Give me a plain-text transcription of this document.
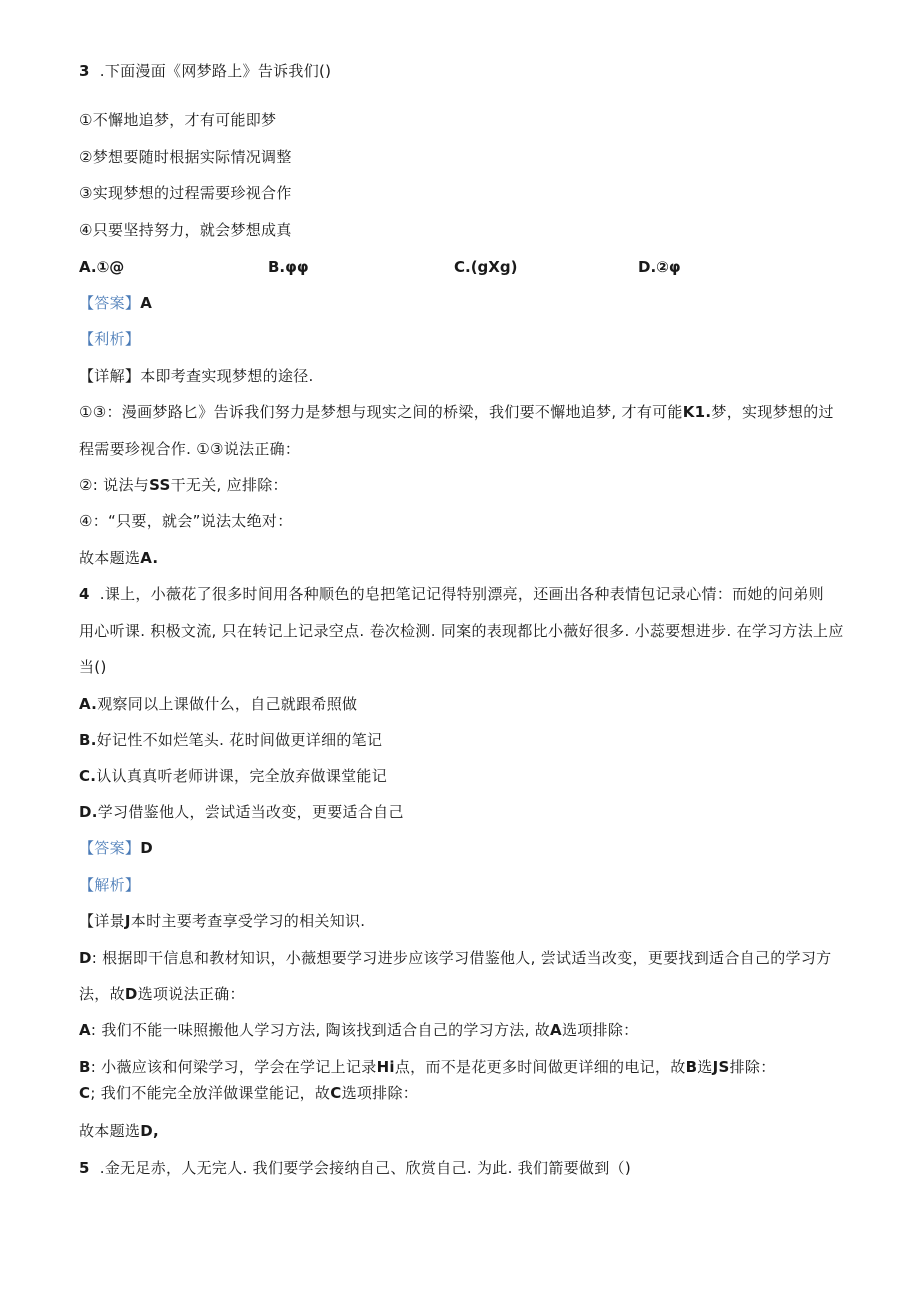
3 .下面漫面《网梦路上》告诉我们()
①不懈地追梦，才有可能即梦
②梦想要随时根据实际情况调整
③实现梦想的过程需要珍视合作
④只要坚持努力，就会梦想成真
A.①@	B.φφ	C.(gXg)	D.②φ
【答案】A
【利析】
【详解】本即考查实现梦想的途径.
①③：漫画梦路匕》告诉我们努力是梦想与现实之间的桥梁，我们要不懈地追梦, 才有可能K1.梦，实现梦想的过
程需要珍视合作. ①③说法正确：
②: 说法与SS干无关, 应排除：
④：“只要，就会”说法太绝对：
故本题选A.
4 .课上，小薇花了很多时间用各种顺色的皂把笔记记得特别漂亮，还画出各种表情包记录心情：而她的问弟则
用心听课. 积极文流, 只在转记上记录空点. 卷次检测. 同案的表现都比小薇好很多. 小蕊要想进步. 在学习方法上应
当()
A.观察同以上课做什么，自己就跟希照做
B.好记性不如烂笔头. 花时间做更详细的笔记
C.认认真真听老师讲课，完全放弃做课堂能记
D.学习借鉴他人，尝试适当改变，更要适合自己
【答案】D
【解析】
【详景J本时主要考查享受学习的相关知识.
D: 根据即干信息和教材知识，小薇想要学习进步应该学习借鉴他人, 尝试适当改变，更要找到适合自己的学习方
法，故D选项说法正确：
A: 我们不能一味照搬他人学习方法, 陶该找到适合自己的学习方法, 故A选项排除：
B: 小薇应该和何梁学习，学会在学记上记录Hi点，而不是花更多时间做更详细的电记，故B选JS排除：
C; 我们不能完全放洋做课堂能记，故C选项排除：
故本题选D,
5 .金无足赤，人无完人. 我们要学会接纳自己、欣赏自己. 为此. 我们箭要做到（)
